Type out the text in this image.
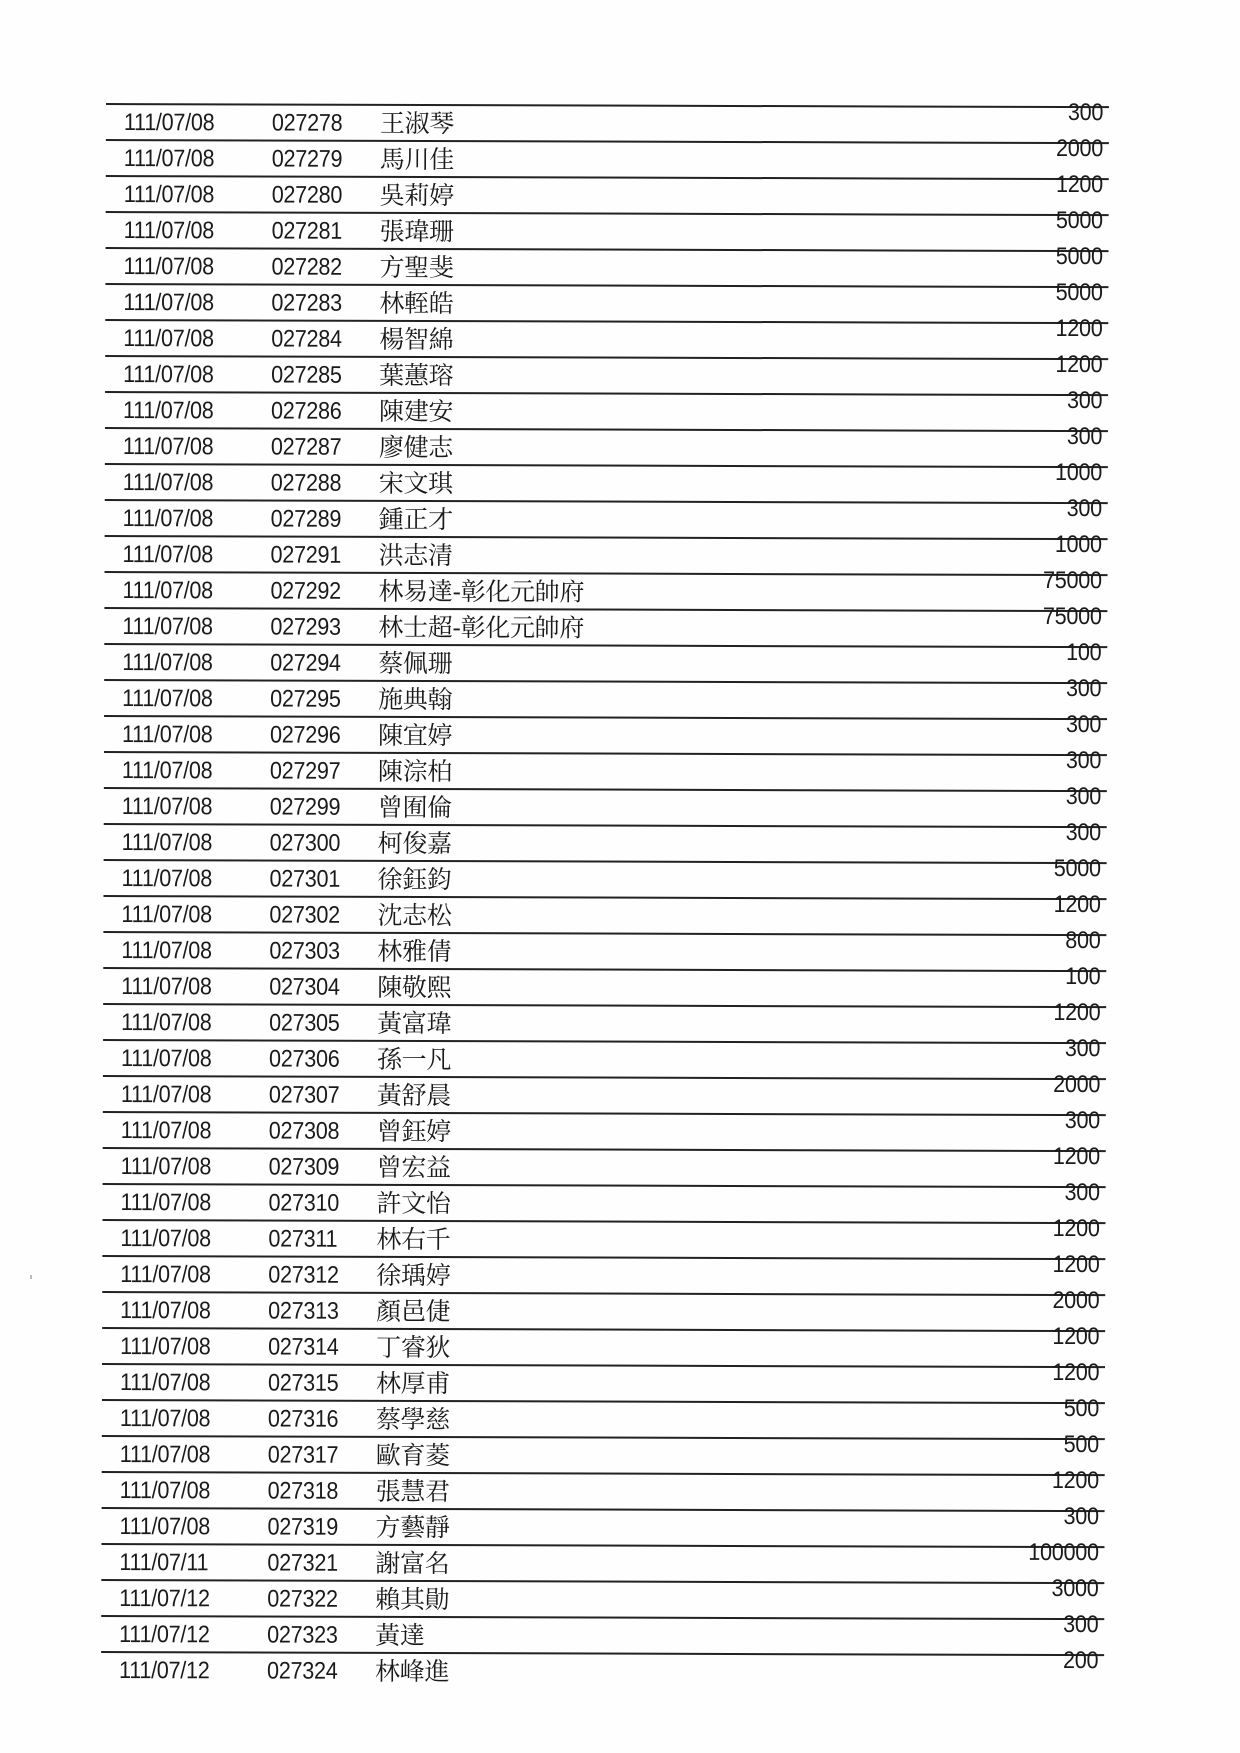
111/07/08 027278 王淑琴	300
111/07/08 027279 馬川佳	2000
111/07/08 027280 吳莉婷	1200
111/07/08 027281 張瑋珊	5000
111/07/08 027282 方聖斐	5000
111/07/08 027283 林輊皓	5000
111/07/08 027284 楊智綿	1200
111/07/08 027285 葉蕙瑢	1200
111/07/08 027286 陳建安	300
111/07/08 027287 廖健志	300
111/07/08 027288 宋文琪	1000
111/07/08 027289 鍾正才	300
111/07/08 027291 洪志清	1000
111/07/08 027292 林易達-彰化元帥府	75000
111/07/08 027293 林士超-彰化元帥府	75000
111/07/08 027294 蔡佩珊	100
111/07/08 027295 施典翰	300
111/07/08 027296 陳宜婷	300
111/07/08 027297 陳淙柏	300
111/07/08 027299 曾囿倫	300
111/07/08 027300 柯俊嘉	300
111/07/08 027301 徐鈺鈞	5000
111/07/08 027302 沈志松	1200
111/07/08 027303 林雅倩	800
111/07/08 027304 陳敬熙	100
111/07/08 027305 黃富瑋	1200
111/07/08 027306 孫一凡	300
111/07/08 027307 黃舒晨	2000
111/07/08 027308 曾鈺婷	300
111/07/08 027309 曾宏益	1200
111/07/08 027310 許文怡	300
111/07/08 027311 林右千	1200
111/07/08 027312 徐瑀婷	1200
111/07/08 027313 顏邑倢	2000
111/07/08 027314 丁睿狄	1200
111/07/08 027315 林厚甫	1200
111/07/08 027316 蔡學慈	500
111/07/08 027317 歐育菱	500
111/07/08 027318 張慧君	1200
111/07/08 027319 方藝靜	300
111/07/11 027321 謝富名	100000
111/07/12 027322 賴其勛	3000
111/07/12 027323 黃達	300
111/07/12 027324 林峰進	200
